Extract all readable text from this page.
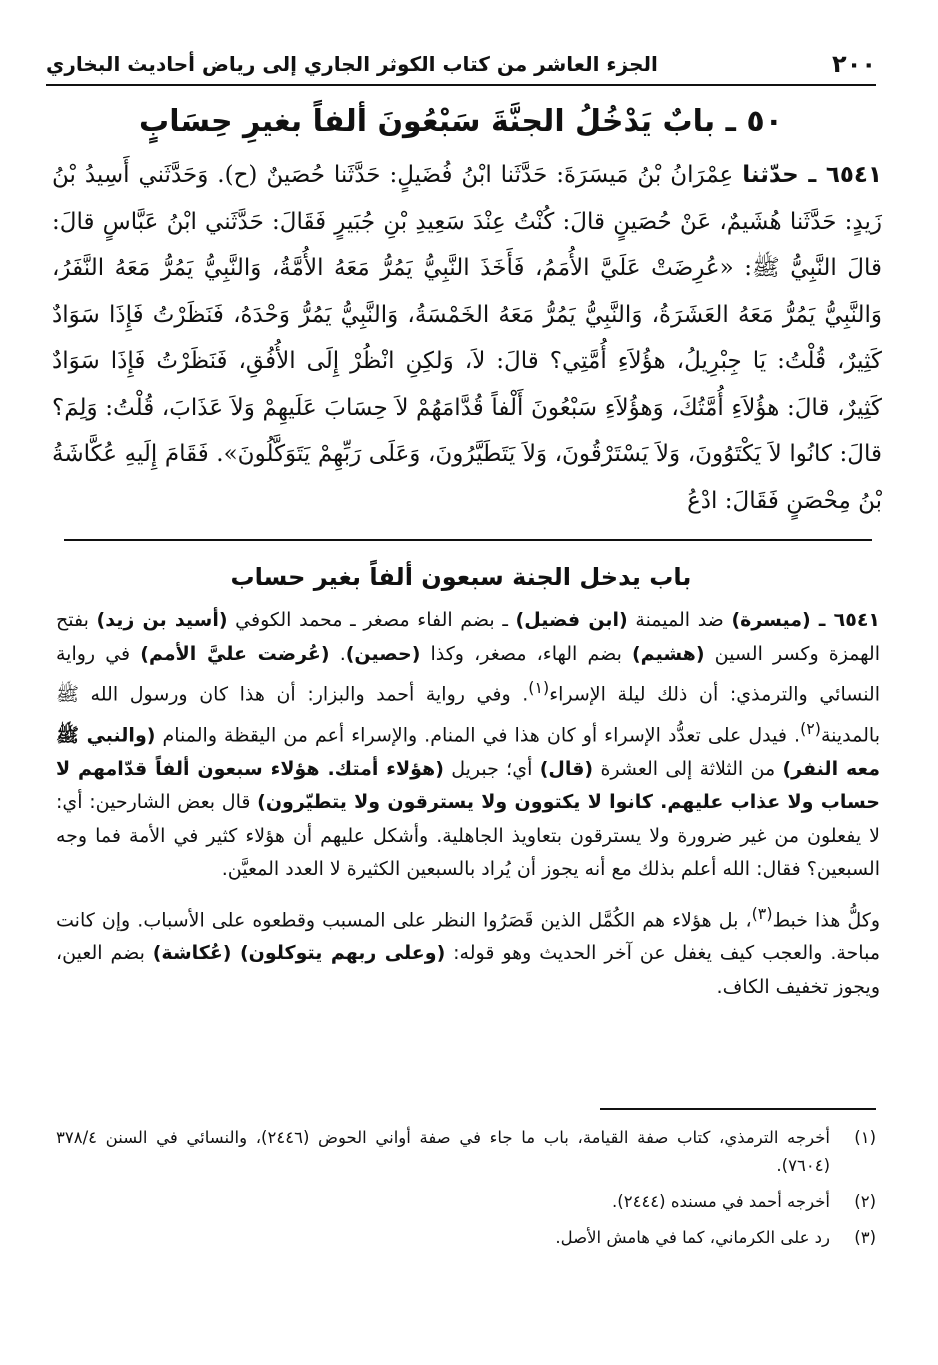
٢٠٠
الجزء العاشر من كتاب الكوثر الجاري إلى رياض أحاديث البخاري
٥٠ ـ بابٌ يَدْخُلُ الجنَّةَ سَبْعُونَ ألفاً بغيرِ حِسَابٍ
٦٥٤١ ـ حدّثنا عِمْرَانُ بْنُ مَيسَرَةَ: حَدَّثَنا ابْنُ فُضَيلٍ: حَدَّثَنا حُصَينٌ (ح). وَحَدَّثَني أَسِيدُ بْنُ زَيدٍ: حَدَّثَنا هُشَيمٌ، عَنْ حُصَينٍ قالَ: كُنْتُ عِنْدَ سَعِيدِ بْنِ جُبَيرٍ فَقَالَ: حَدَّثَني ابْنُ عَبَّاسٍ قالَ: قالَ النَّبِيُّ ﷺ: «عُرِضَتْ عَلَيَّ الأُمَمُ، فَأَخَذَ النَّبِيُّ يَمُرُّ مَعَهُ الأُمَّةُ، وَالنَّبِيُّ يَمُرُّ مَعَهُ النَّفَرُ، وَالنَّبِيُّ يَمُرُّ مَعَهُ العَشَرَةُ، وَالنَّبِيُّ يَمُرُّ مَعَهُ الخَمْسَةُ، وَالنَّبِيُّ يَمُرُّ وَحْدَهُ، فَنَظَرْتُ فَإِذَا سَوَادٌ كَثِيرٌ، قُلْتُ: يَا جِبْرِيلُ، هؤُلاَءِ أُمَّتِي؟ قالَ: لاَ، وَلكِنِ انْظُرْ إِلَى الأُفُقِ، فَنَظَرْتُ فَإِذَا سَوَادٌ كَثِيرٌ، قالَ: هؤُلاَءِ أُمَّتُكَ، وَهؤُلاَءِ سَبْعُونَ أَلْفاً قُدَّامَهُمْ لاَ حِسَابَ عَلَيهِمْ وَلاَ عَذَابَ، قُلْتُ: وَلِمَ؟ قالَ: كانُوا لاَ يَكْتَوُونَ، وَلاَ يَسْتَرْقُونَ، وَلاَ يَتَطَيَّرُونَ، وَعَلَى رَبِّهِمْ يَتَوَكَّلُونَ». فَقَامَ إِلَيهِ عُكَّاشَةُ بْنُ مِحْصَنٍ فَقَالَ: ادْعُ
باب يدخل الجنة سبعون ألفاً بغير حساب

٦٥٤١ ـ (ميسرة) ضد الميمنة (ابن فضيل) ـ بضم الفاء مصغر ـ محمد الكوفي (أسيد بن زيد) بفتح الهمزة وكسر السين (هشيم) بضم الهاء، مصغر، وكذا (حصين). (عُرضت عليَّ الأمم) في رواية النسائي والترمذي: أن ذلك ليلة الإسراء$^{(١)}$. وفي رواية أحمد والبزار: أن هذا كان ورسول الله ﷺ بالمدينة$^{(٢)}$. فيدل على تعدُّد الإسراء أو كان هذا في المنام. والإسراء أعم من اليقظة والمنام (والنبي ﷺ معه النفر) من الثلاثة إلى العشرة (قال) أي؛ جبريل (هؤلاء أمتك. هؤلاء سبعون ألفاً قدّامهم لا حساب ولا عذاب عليهم. كانوا لا يكتوون ولا يسترقون ولا يتطيّرون) قال بعض الشارحين: أي: لا يفعلون من غير ضرورة ولا يسترقون بتعاويذ الجاهلية. وأشكل عليهم أن هؤلاء كثير في الأمة فما وجه السبعين؟ فقال: الله أعلم بذلك مع أنه يجوز أن يُراد بالسبعين الكثيرة لا العدد المعيَّن.

وكلُّ هذا خبط$^{(٣)}$، بل هؤلاء هم الكُمَّل الذين قَصَرُوا النظر على المسبب وقطعوه على الأسباب. وإن كانت مباحة. والعجب كيف يغفل عن آخر الحديث وهو قوله: (وعلى ربهم يتوكلون) (عُكاشة) بضم العين، ويجوز تخفيف الكاف.

(١)
أخرجه الترمذي، كتاب صفة القيامة، باب ما جاء في صفة أواني الحوض (٢٤٤٦)، والنسائي في السنن ٣٧٨/٤ (٧٦٠٤).
(٢)
أخرجه أحمد في مسنده (٢٤٤٤).
(٣)
رد على الكرماني، كما في هامش الأصل.
